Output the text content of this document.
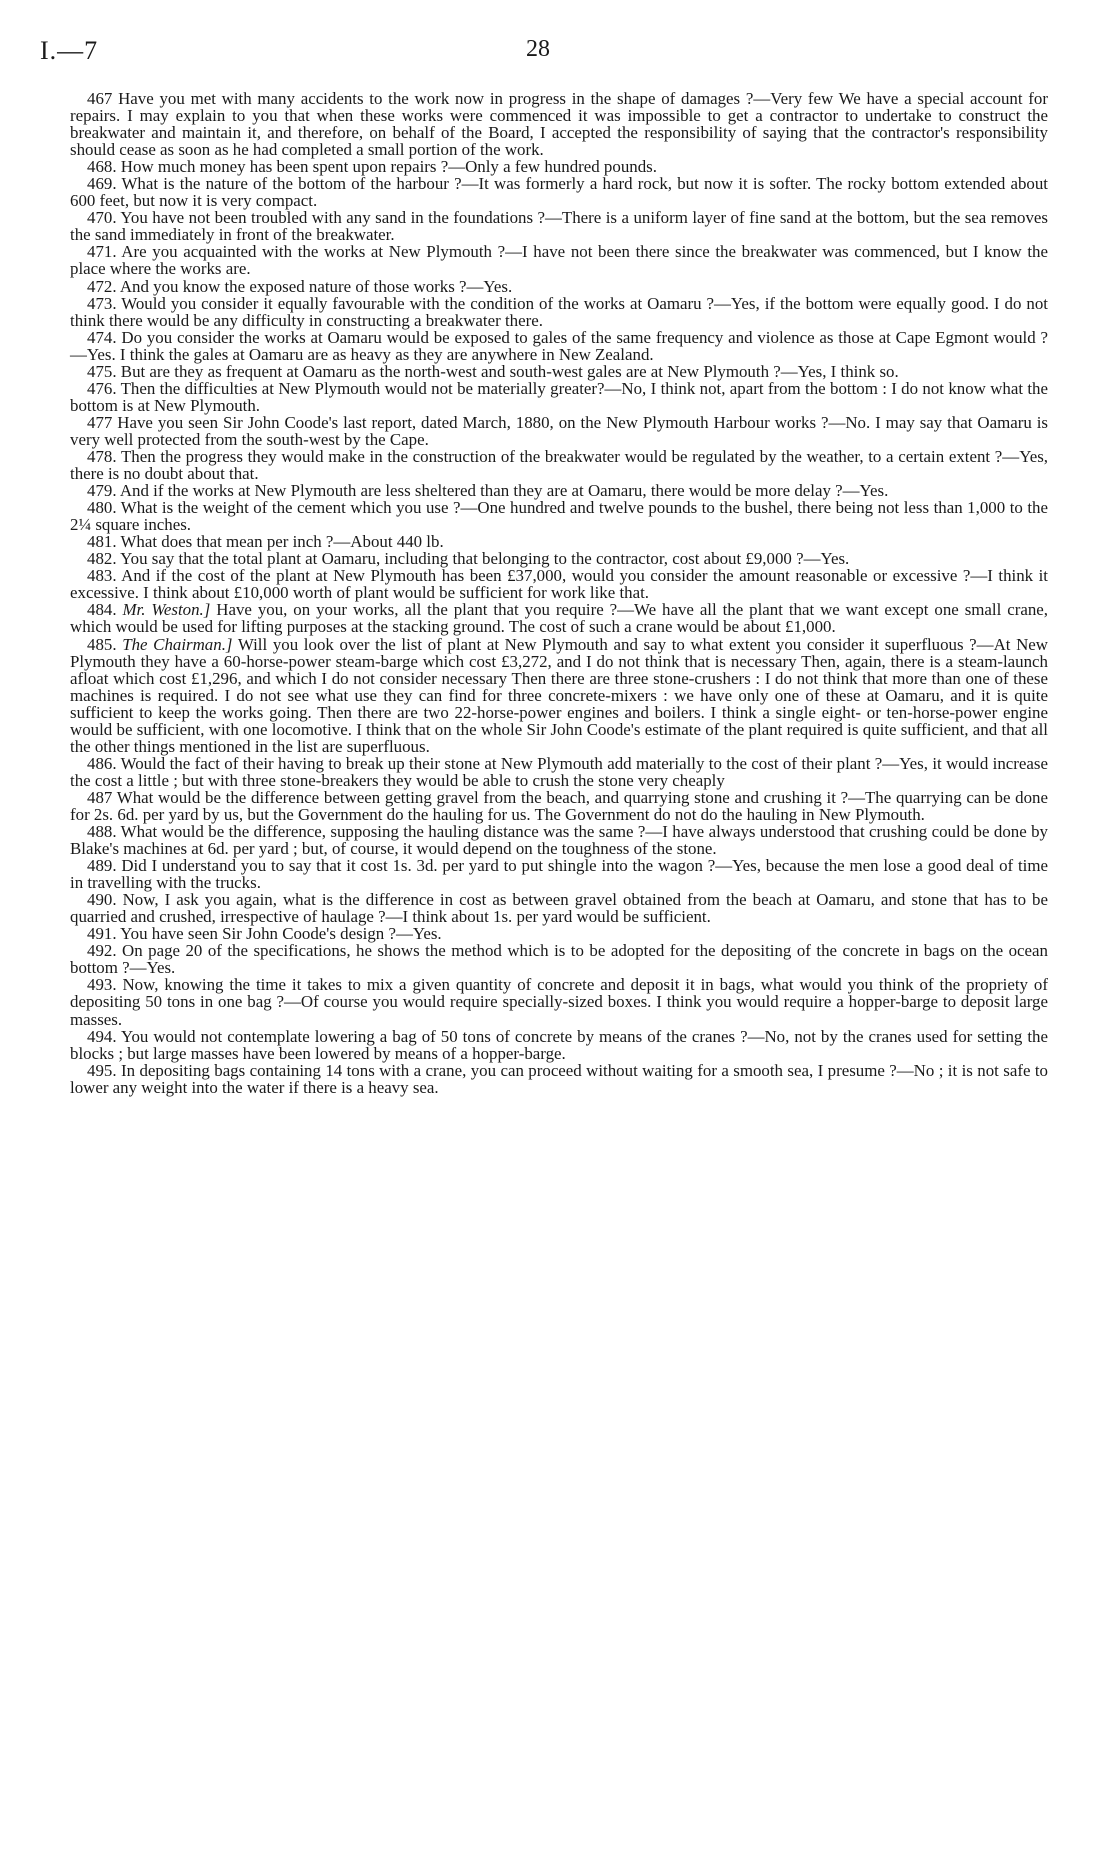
I.—7	28

467 Have you met with many accidents to the work now in progress in the shape of damages ?—Very few We have a special account for repairs. I may explain to you that when these works were commenced it was impossible to get a contractor to undertake to construct the breakwater and maintain it, and therefore, on behalf of the Board, I accepted the responsibility of saying that the contractor's responsibility should cease as soon as he had completed a small portion of the work.

468. How much money has been spent upon repairs ?—Only a few hundred pounds.

469. What is the nature of the bottom of the harbour ?—It was formerly a hard rock, but now it is softer. The rocky bottom extended about 600 feet, but now it is very compact.

470. You have not been troubled with any sand in the foundations ?—There is a uniform layer of fine sand at the bottom, but the sea removes the sand immediately in front of the breakwater.

471. Are you acquainted with the works at New Plymouth ?—I have not been there since the breakwater was commenced, but I know the place where the works are.

472. And you know the exposed nature of those works ?—Yes.

473. Would you consider it equally favourable with the condition of the works at Oamaru ?—Yes, if the bottom were equally good. I do not think there would be any difficulty in constructing a breakwater there.

474. Do you consider the works at Oamaru would be exposed to gales of the same frequency and violence as those at Cape Egmont would ?—Yes. I think the gales at Oamaru are as heavy as they are anywhere in New Zealand.

475. But are they as frequent at Oamaru as the north-west and south-west gales are at New Plymouth ?—Yes, I think so.

476. Then the difficulties at New Plymouth would not be materially greater?—No, I think not, apart from the bottom : I do not know what the bottom is at New Plymouth.

477 Have you seen Sir John Coode's last report, dated March, 1880, on the New Plymouth Harbour works ?—No. I may say that Oamaru is very well protected from the south-west by the Cape.

478. Then the progress they would make in the construction of the breakwater would be regulated by the weather, to a certain extent ?—Yes, there is no doubt about that.

479. And if the works at New Plymouth are less sheltered than they are at Oamaru, there would be more delay ?—Yes.

480. What is the weight of the cement which you use ?—One hundred and twelve pounds to the bushel, there being not less than 1,000 to the 2¼ square inches.

481. What does that mean per inch ?—About 440 lb.

482. You say that the total plant at Oamaru, including that belonging to the contractor, cost about £9,000 ?—Yes.

483. And if the cost of the plant at New Plymouth has been £37,000, would you consider the amount reasonable or excessive ?—I think it excessive. I think about £10,000 worth of plant would be sufficient for work like that.

484. Mr. Weston.] Have you, on your works, all the plant that you require ?—We have all the plant that we want except one small crane, which would be used for lifting purposes at the stacking ground. The cost of such a crane would be about £1,000.

485. The Chairman.] Will you look over the list of plant at New Plymouth and say to what extent you consider it superfluous ?—At New Plymouth they have a 60-horse-power steam-barge which cost £3,272, and I do not think that is necessary Then, again, there is a steam-launch afloat which cost £1,296, and which I do not consider necessary Then there are three stone-crushers : I do not think that more than one of these machines is required. I do not see what use they can find for three concrete-mixers : we have only one of these at Oamaru, and it is quite sufficient to keep the works going. Then there are two 22-horse-power engines and boilers. I think a single eight- or ten-horse-power engine would be sufficient, with one locomotive. I think that on the whole Sir John Coode's estimate of the plant required is quite sufficient, and that all the other things mentioned in the list are superfluous.

486. Would the fact of their having to break up their stone at New Plymouth add materially to the cost of their plant ?—Yes, it would increase the cost a little ; but with three stone-breakers they would be able to crush the stone very cheaply

487 What would be the difference between getting gravel from the beach, and quarrying stone and crushing it ?—The quarrying can be done for 2s. 6d. per yard by us, but the Government do the hauling for us. The Government do not do the hauling in New Plymouth.

488. What would be the difference, supposing the hauling distance was the same ?—I have always understood that crushing could be done by Blake's machines at 6d. per yard ; but, of course, it would depend on the toughness of the stone.

489. Did I understand you to say that it cost 1s. 3d. per yard to put shingle into the wagon ?—Yes, because the men lose a good deal of time in travelling with the trucks.

490. Now, I ask you again, what is the difference in cost as between gravel obtained from the beach at Oamaru, and stone that has to be quarried and crushed, irrespective of haulage ?—I think about 1s. per yard would be sufficient.

491. You have seen Sir John Coode's design ?—Yes.

492. On page 20 of the specifications, he shows the method which is to be adopted for the depositing of the concrete in bags on the ocean bottom ?—Yes.

493. Now, knowing the time it takes to mix a given quantity of concrete and deposit it in bags, what would you think of the propriety of depositing 50 tons in one bag ?—Of course you would require specially-sized boxes. I think you would require a hopper-barge to deposit large masses.

494. You would not contemplate lowering a bag of 50 tons of concrete by means of the cranes ?—No, not by the cranes used for setting the blocks ; but large masses have been lowered by means of a hopper-barge.

495. In depositing bags containing 14 tons with a crane, you can proceed without waiting for a smooth sea, I presume ?—No ; it is not safe to lower any weight into the water if there is a heavy sea.
